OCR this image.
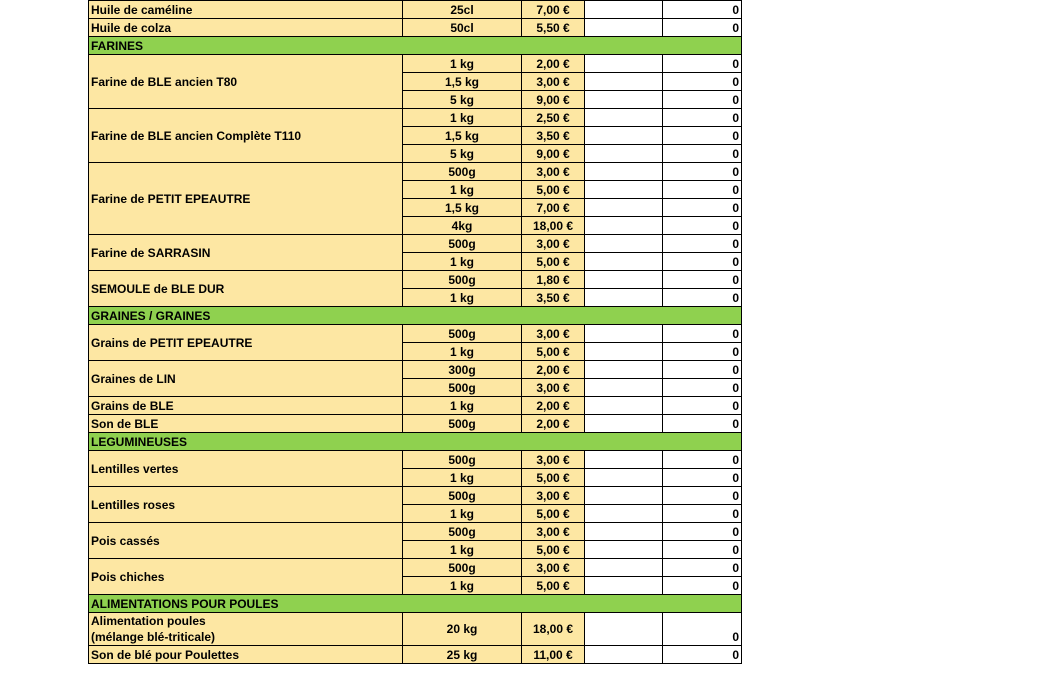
Huile de caméline	25cl	7,00 €		0
Huile de colza	50cl	5,50 €		0
FARINES				
Farine de BLE ancien T80	1 kg	2,00 €		0
	1,5 kg	3,00 €		0
	5 kg	9,00 €		0
Farine de BLE ancien Complète T110	1 kg	2,50 €		0
	1,5 kg	3,50 €		0
	5 kg	9,00 €		0
Farine de PETIT EPEAUTRE	500g	3,00 €		0
	1 kg	5,00 €		0
	1,5 kg	7,00 €		0
	4kg	18,00 €		0
Farine de SARRASIN	500g	3,00 €		0
	1 kg	5,00 €		0
SEMOULE de BLE DUR	500g	1,80 €		0
	1 kg	3,50 €		0
GRAINES / GRAINES				
Grains de PETIT EPEAUTRE	500g	3,00 €		0
	1 kg	5,00 €		0
Graines de LIN	300g	2,00 €		0
	500g	3,00 €		0
Grains de BLE	1 kg	2,00 €		0
Son de BLE	500g	2,00 €		0
LEGUMINEUSES				
Lentilles vertes	500g	3,00 €		0
	1 kg	5,00 €		0
Lentilles roses	500g	3,00 €		0
	1 kg	5,00 €		0
Pois cassés	500g	3,00 €		0
	1 kg	5,00 €		0
Pois chiches	500g	3,00 €		0
	1 kg	5,00 €		0
ALIMENTATIONS POUR POULES				
Alimentation poules
(mélange blé-triticale)	20 kg	18,00 €		0
Son de blé pour Poulettes	25 kg	11,00 €		0
